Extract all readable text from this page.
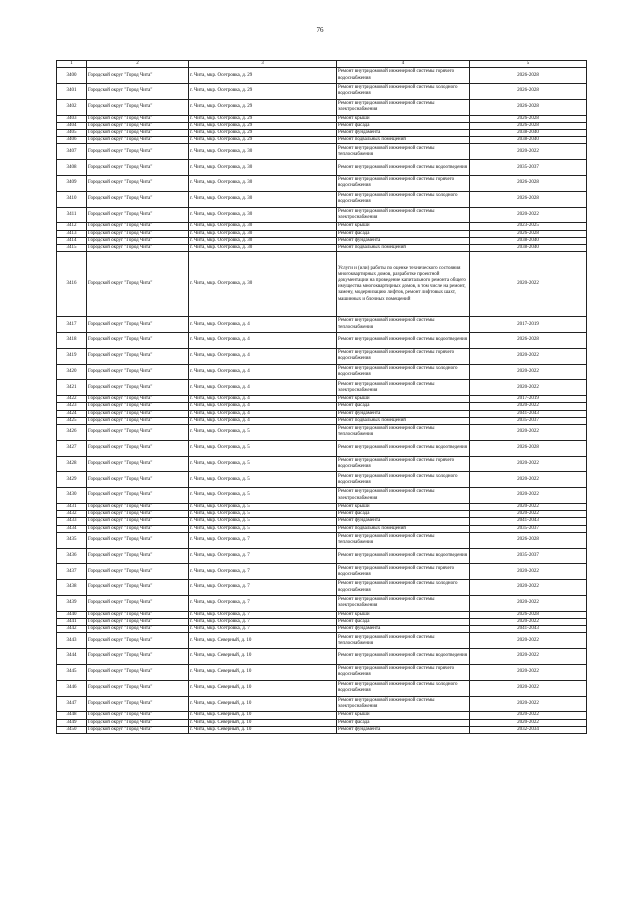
76
1	2	3	4	5
3400	Городской округ "Город Чита"	г. Чита, мкр. Осетровка, д. 29	Ремонт внутридомовой инженерной системы горячего водоснабжения	2026-2028
3401	Городской округ "Город Чита"	г. Чита, мкр. Осетровка, д. 29	Ремонт внутридомовой инженерной системы холодного водоснабжения	2026-2028
3402	Городской округ "Город Чита"	г. Чита, мкр. Осетровка, д. 29	Ремонт внутридомовой инженерной системы электроснабжения	2026-2028
3403	Городской округ "Город Чита"	г. Чита, мкр. Осетровка, д. 29	Ремонт крыши	2026-2028
3404	Городской округ "Город Чита"	г. Чита, мкр. Осетровка, д. 29	Ремонт фасада	2026-2028
3405	Городской округ "Город Чита"	г. Чита, мкр. Осетровка, д. 29	Ремонт фундамента	2038-2040
3406	Городской округ "Город Чита"	г. Чита, мкр. Осетровка, д. 29	Ремонт подвальных помещений	2038-2040
3407	Городской округ "Город Чита"	г. Чита, мкр. Осетровка, д. 30	Ремонт внутридомовой инженерной системы теплоснабжения	2020-2022
3408	Городской округ "Город Чита"	г. Чита, мкр. Осетровка, д. 30	Ремонт внутридомовой инженерной системы водоотведения	2035-2037
3409	Городской округ "Город Чита"	г. Чита, мкр. Осетровка, д. 30	Ремонт внутридомовой инженерной системы горячего водоснабжения	2026-2028
3410	Городской округ "Город Чита"	г. Чита, мкр. Осетровка, д. 30	Ремонт внутридомовой инженерной системы холодного водоснабжения	2026-2028
3411	Городской округ "Город Чита"	г. Чита, мкр. Осетровка, д. 30	Ремонт внутридомовой инженерной системы электроснабжения	2020-2022
3412	Городской округ "Город Чита"	г. Чита, мкр. Осетровка, д. 30	Ремонт крыши	2023-2025
3413	Городской округ "Город Чита"	г. Чита, мкр. Осетровка, д. 30	Ремонт фасада	2026-2028
3414	Городской округ "Город Чита"	г. Чита, мкр. Осетровка, д. 30	Ремонт фундамента	2038-2040
3415	Городской округ "Город Чита"	г. Чита, мкр. Осетровка, д. 30	Ремонт подвальных помещений	2038-2040
3416	Городской округ "Город Чита"	г. Чита, мкр. Осетровка, д. 30	Услуги и (или) работы по оценке технического состояния многоквартирных домов, разработке проектной документации на проведение капитального ремонта общего имущества многоквартирных домов, в том числе на ремонт, замену, модернизацию лифтов, ремонт лифтовых шахт, машинных и блочных помещений	2020-2022
3417	Городской округ "Город Чита"	г. Чита, мкр. Осетровка, д. 4	Ремонт внутридомовой инженерной системы теплоснабжения	2017-2019
3418	Городской округ "Город Чита"	г. Чита, мкр. Осетровка, д. 4	Ремонт внутридомовой инженерной системы водоотведения	2026-2028
3419	Городской округ "Город Чита"	г. Чита, мкр. Осетровка, д. 4	Ремонт внутридомовой инженерной системы горячего водоснабжения	2020-2022
3420	Городской округ "Город Чита"	г. Чита, мкр. Осетровка, д. 4	Ремонт внутридомовой инженерной системы холодного водоснабжения	2020-2022
3421	Городской округ "Город Чита"	г. Чита, мкр. Осетровка, д. 4	Ремонт внутридомовой инженерной системы электроснабжения	2020-2022
3422	Городской округ "Город Чита"	г. Чита, мкр. Осетровка, д. 4	Ремонт крыши	2017-2019
3423	Городской округ "Город Чита"	г. Чита, мкр. Осетровка, д. 4	Ремонт фасада	2020-2022
3424	Городской округ "Город Чита"	г. Чита, мкр. Осетровка, д. 4	Ремонт фундамента	2041-2043
3425	Городской округ "Город Чита"	г. Чита, мкр. Осетровка, д. 4	Ремонт подвальных помещений	2035-2037
3426	Городской округ "Город Чита"	г. Чита, мкр. Осетровка, д. 5	Ремонт внутридомовой инженерной системы теплоснабжения	2020-2022
3427	Городской округ "Город Чита"	г. Чита, мкр. Осетровка, д. 5	Ремонт внутридомовой инженерной системы водоотведения	2026-2028
3428	Городской округ "Город Чита"	г. Чита, мкр. Осетровка, д. 5	Ремонт внутридомовой инженерной системы горячего водоснабжения	2020-2022
3429	Городской округ "Город Чита"	г. Чита, мкр. Осетровка, д. 5	Ремонт внутридомовой инженерной системы холодного водоснабжения	2020-2022
3430	Городской округ "Город Чита"	г. Чита, мкр. Осетровка, д. 5	Ремонт внутридомовой инженерной системы электроснабжения	2020-2022
3431	Городской округ "Город Чита"	г. Чита, мкр. Осетровка, д. 5	Ремонт крыши	2020-2022
3432	Городской округ "Город Чита"	г. Чита, мкр. Осетровка, д. 5	Ремонт фасада	2020-2022
3433	Городской округ "Город Чита"	г. Чита, мкр. Осетровка, д. 5	Ремонт фундамента	2041-2043
3434	Городской округ "Город Чита"	г. Чита, мкр. Осетровка, д. 5	Ремонт подвальных помещений	2035-2037
3435	Городской округ "Город Чита"	г. Чита, мкр. Осетровка, д. 7	Ремонт внутридомовой инженерной системы теплоснабжения	2026-2028
3436	Городской округ "Город Чита"	г. Чита, мкр. Осетровка, д. 7	Ремонт внутридомовой инженерной системы водоотведения	2035-2037
3437	Городской округ "Город Чита"	г. Чита, мкр. Осетровка, д. 7	Ремонт внутридомовой инженерной системы горячего водоснабжения	2020-2022
3438	Городской округ "Город Чита"	г. Чита, мкр. Осетровка, д. 7	Ремонт внутридомовой инженерной системы холодного водоснабжения	2020-2022
3439	Городской округ "Город Чита"	г. Чита, мкр. Осетровка, д. 7	Ремонт внутридомовой инженерной системы электроснабжения	2020-2022
3440	Городской округ "Город Чита"	г. Чита, мкр. Осетровка, д. 7	Ремонт крыши	2026-2028
3441	Городской округ "Город Чита"	г. Чита, мкр. Осетровка, д. 7	Ремонт фасада	2020-2022
3442	Городской округ "Город Чита"	г. Чита, мкр. Осетровка, д. 7	Ремонт фундамента	2041-2043
3443	Городской округ "Город Чита"	г. Чита, мкр. Северный, д. 10	Ремонт внутридомовой инженерной системы теплоснабжения	2020-2022
3444	Городской округ "Город Чита"	г. Чита, мкр. Северный, д. 10	Ремонт внутридомовой инженерной системы водоотведения	2020-2022
3445	Городской округ "Город Чита"	г. Чита, мкр. Северный, д. 10	Ремонт внутридомовой инженерной системы горячего водоснабжения	2020-2022
3446	Городской округ "Город Чита"	г. Чита, мкр. Северный, д. 10	Ремонт внутридомовой инженерной системы холодного водоснабжения	2020-2022
3447	Городской округ "Город Чита"	г. Чита, мкр. Северный, д. 10	Ремонт внутридомовой инженерной системы электроснабжения	2020-2022
3448	Городской округ "Город Чита"	г. Чита, мкр. Северный, д. 10	Ремонт крыши	2020-2022
3449	Городской округ "Город Чита"	г. Чита, мкр. Северный, д. 10	Ремонт фасада	2020-2022
3450	Городской округ "Город Чита"	г. Чита, мкр. Северный, д. 10	Ремонт фундамента	2032-2034
